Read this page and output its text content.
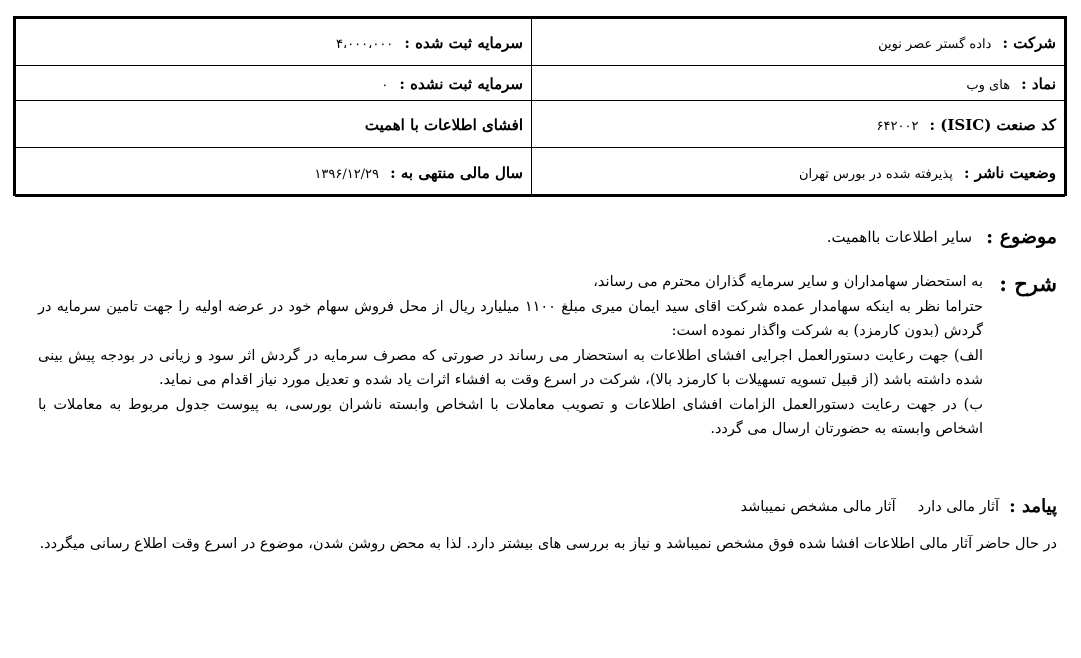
شرکت : داده گستر عصر نوین	سرمایه ثبت شده : ۴،۰۰۰،۰۰۰
نماد : های وب	سرمایه ثبت نشده : ۰
کد صنعت (ISIC) : ۶۴۲۰۰۲	افشای اطلاعات با اهمیت
وضعیت ناشر : پذیرفته شده در بورس تهران	سال مالی منتهی به : ۱۳۹۶/۱۲/۲۹
موضوع :
سایر اطلاعات بااهمیت.
شرح :

به استحضار سهامداران و سایر سرمایه گذاران محترم می رساند،

حتراما نظر به اینکه سهامدار عمده شرکت اقای سید ایمان میری مبلغ ۱۱۰۰ میلیارد ریال از محل فروش سهام خود در عرضه اولیه را جهت تامین سرمایه در گردش (بدون کارمزد) به شرکت واگذار نموده است:

الف) جهت رعایت دستورالعمل اجرایی افشای اطلاعات به استحضار می رساند در صورتی که مصرف سرمایه در گردش اثر سود و زیانی در بودجه پیش بینی شده داشته باشد (از قبیل تسویه تسهیلات با کارمزد بالا)، شرکت در اسرع وقت به افشاء اثرات یاد شده و تعدیل مورد نیاز اقدام می نماید.

ب) در جهت رعایت دستورالعمل الزامات افشای اطلاعات و تصویب معاملات با اشخاص وابسته ناشران بورسی، به پیوست جدول مربوط به معاملات با اشخاص وابسته به حضورتان ارسال می گردد.

پیامد :
آثار مالی دارد
آثار مالی مشخص نمیباشد
در حال حاضر آثار مالی اطلاعات افشا شده فوق مشخص نمیباشد و نیاز به بررسی های بیشتر دارد. لذا به محض روشن شدن، موضوع در اسرع وقت اطلاع رسانی میگردد.
